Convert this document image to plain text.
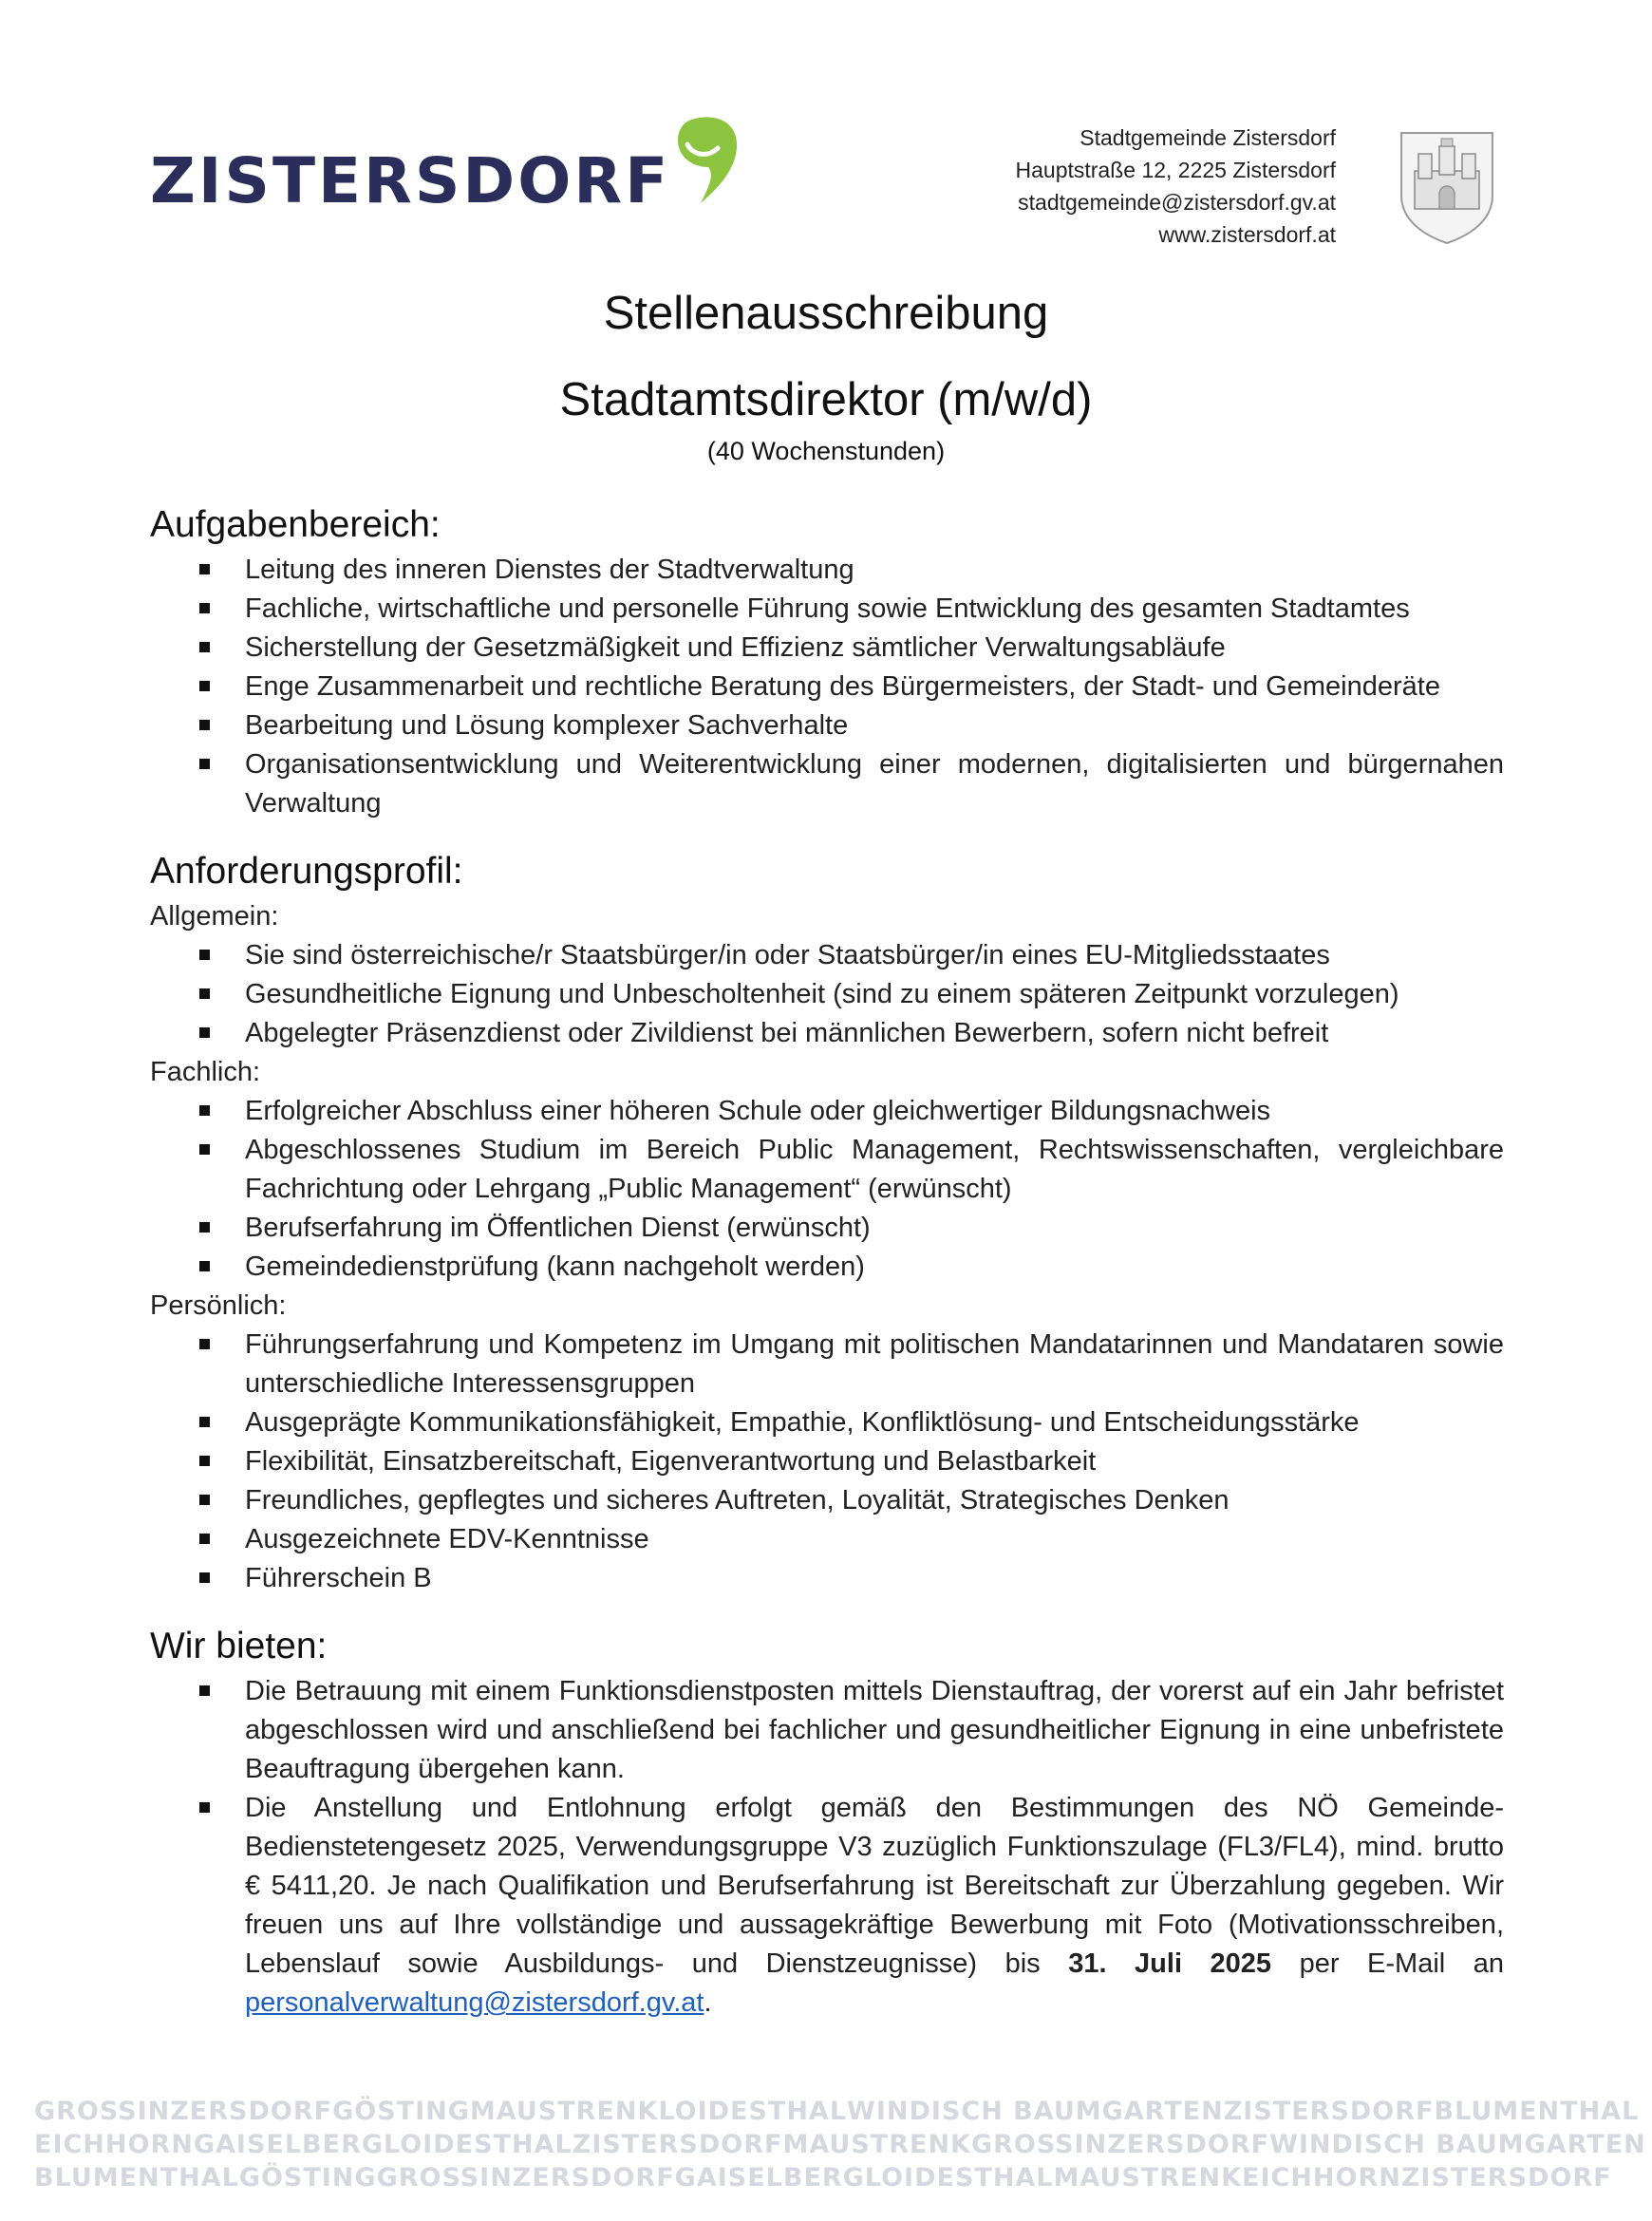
ZISTERSDORF
Stadtgemeinde Zistersdorf
Hauptstraße 12, 2225 Zistersdorf
stadtgemeinde@zistersdorf.gv.at
www.zistersdorf.at
Stellenausschreibung
Stadtamtsdirektor (m/w/d)
(40 Wochenstunden)
Aufgabenbereich:
Leitung des inneren Dienstes der Stadtverwaltung
Fachliche, wirtschaftliche und personelle Führung sowie Entwicklung des gesamten Stadtamtes
Sicherstellung der Gesetzmäßigkeit und Effizienz sämtlicher Verwaltungsabläufe
Enge Zusammenarbeit und rechtliche Beratung des Bürgermeisters, der Stadt- und Gemeinderäte
Bearbeitung und Lösung komplexer Sachverhalte
Organisationsentwicklung und Weiterentwicklung einer modernen, digitalisierten und bürgernahen Verwaltung
Anforderungsprofil:

Allgemein:

Sie sind österreichische/r Staatsbürger/in oder Staatsbürger/in eines EU-Mitgliedsstaates
Gesundheitliche Eignung und Unbescholtenheit (sind zu einem späteren Zeitpunkt vorzulegen)
Abgelegter Präsenzdienst oder Zivildienst bei männlichen Bewerbern, sofern nicht befreit

Fachlich:

Erfolgreicher Abschluss einer höheren Schule oder gleichwertiger Bildungsnachweis
Abgeschlossenes Studium im Bereich Public Management, Rechtswissenschaften, vergleichbare Fachrichtung oder Lehrgang „Public Management“ (erwünscht)
Berufserfahrung im Öffentlichen Dienst (erwünscht)
Gemeindedienstprüfung (kann nachgeholt werden)

Persönlich:

Führungserfahrung und Kompetenz im Umgang mit politischen Mandatarinnen und Mandataren sowie unterschiedliche Interessensgruppen
Ausgeprägte Kommunikationsfähigkeit, Empathie, Konfliktlösung- und Entscheidungsstärke
Flexibilität, Einsatzbereitschaft, Eigenverantwortung und Belastbarkeit
Freundliches, gepflegtes und sicheres Auftreten, Loyalität, Strategisches Denken
Ausgezeichnete EDV-Kenntnisse
Führerschein B
Wir bieten:
Die Betrauung mit einem Funktionsdienstposten mittels Dienstauftrag, der vorerst auf ein Jahr befristet abgeschlossen wird und anschließend bei fachlicher und gesundheitlicher Eignung in eine unbefristete Beauftragung übergehen kann.
Die Anstellung und Entlohnung erfolgt gemäß den Bestimmungen des NÖ Gemeinde-Bedienstetengesetz 2025, Verwendungsgruppe V3 zuzüglich Funktionszulage (FL3/FL4), mind. brutto € 5411,20. Je nach Qualifikation und Berufserfahrung ist Bereitschaft zur Überzahlung gegeben. Wir freuen uns auf Ihre vollständige und aussagekräftige Bewerbung mit Foto (Motivationsschreiben, Lebenslauf sowie Ausbildungs- und Dienstzeugnisse) bis 31. Juli 2025 per E-Mail an personalverwaltung@zistersdorf.gv.at.
GROSSINZERSDORF GÖSTING MAUSTRENK LOIDESTHAL WINDISCH BAUMGARTEN ZISTERSDORF BLUMENTHAL
EICHHORN GAISELBERG LOIDESTHAL ZISTERSDORF MAUSTRENK GROSSINZERSDORF WINDISCH BAUMGARTEN
BLUMENTHAL GÖSTING GROSSINZERSDORF GAISELBERG LOIDESTHAL MAUSTRENK EICHHORN ZISTERSDORF
